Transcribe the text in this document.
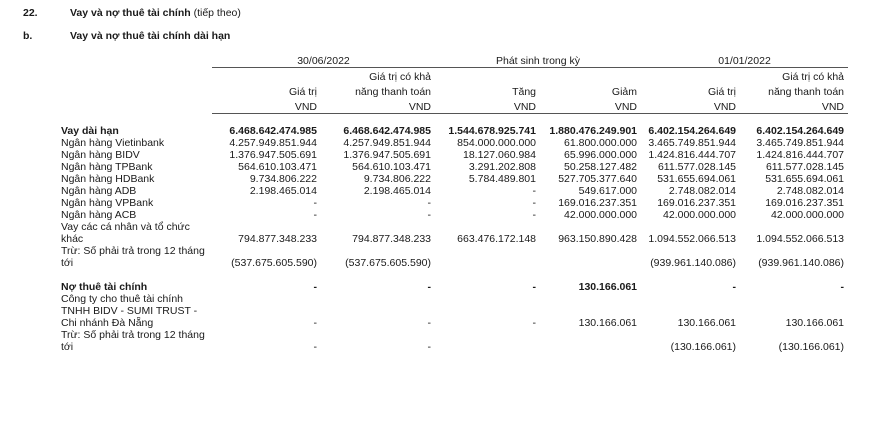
22.	Vay và nợ thuê tài chính (tiếp theo)
b.	Vay và nợ thuê tài chính dài hạn
	30/06/2022		Phát sinh trong kỳ		01/01/2022	
		Giá trị có khả				Giá trị có khả
	Giá trị	năng thanh toán	Tăng	Giảm	Giá trị	năng thanh toán
	VND	VND	VND	VND	VND	VND

Vay dài hạn	6.468.642.474.985	6.468.642.474.985	1.544.678.925.741	1.880.476.249.901	6.402.154.264.649	6.402.154.264.649
Ngân hàng Vietinbank	4.257.949.851.944	4.257.949.851.944	854.000.000.000	61.800.000.000	3.465.749.851.944	3.465.749.851.944
Ngân hàng BIDV	1.376.947.505.691	1.376.947.505.691	18.127.060.984	65.996.000.000	1.424.816.444.707	1.424.816.444.707
Ngân hàng TPBank	564.610.103.471	564.610.103.471	3.291.202.808	50.258.127.482	611.577.028.145	611.577.028.145
Ngân hàng HDBank	9.734.806.222	9.734.806.222	5.784.489.801	527.705.377.640	531.655.694.061	531.655.694.061
Ngân hàng ADB	2.198.465.014	2.198.465.014	-	549.617.000	2.748.082.014	2.748.082.014
Ngân hàng VPBank	-	-	-	169.016.237.351	169.016.237.351	169.016.237.351
Ngân hàng ACB	-	-	-	42.000.000.000	42.000.000.000	42.000.000.000
Vay các cá nhân và tổ chức khác	794.877.348.233	794.877.348.233	663.476.172.148	963.150.890.428	1.094.552.066.513	1.094.552.066.513
Trừ: Số phải trả trong 12 tháng tới	(537.675.605.590)	(537.675.605.590)			(939.961.140.086)	(939.961.140.086)

Nợ thuê tài chính	-	-	-	130.166.061	-	-
Công ty cho thuê tài chính TNHH BIDV - SUMI TRUST - Chi nhánh Đà Nẵng	-	-	-	130.166.061	130.166.061	130.166.061
Trừ: Số phải trả trong 12 tháng tới	-	-			(130.166.061)	(130.166.061)
